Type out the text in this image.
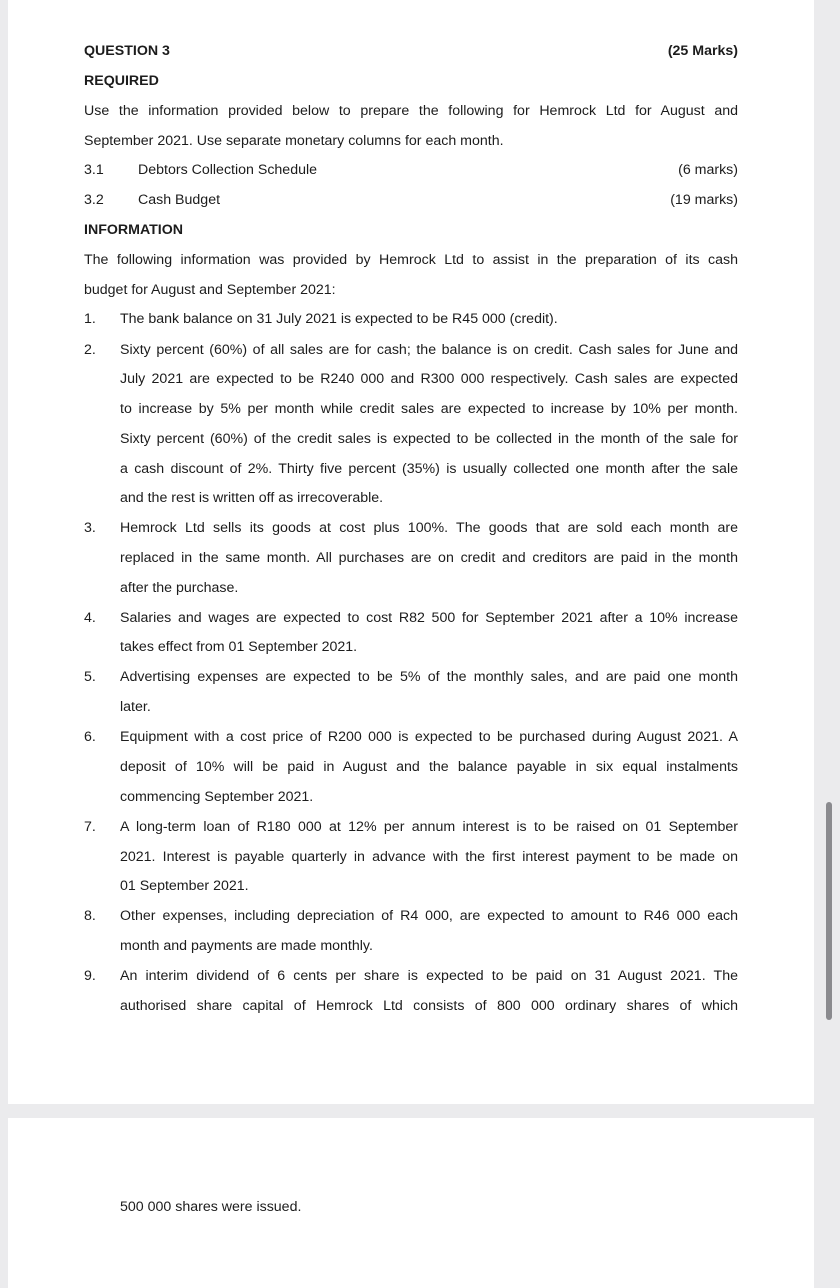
QUESTION 3	(25 Marks)
REQUIRED
Use the information provided below to prepare the following for Hemrock Ltd for August and
September 2021. Use separate monetary columns for each month.
3.1 Debtors Collection Schedule	(6 marks)
3.2 Cash Budget	(19 marks)
INFORMATION
The following information was provided by Hemrock Ltd to assist in the preparation of its cash
budget for August and September 2021:
1. The bank balance on 31 July 2021 is expected to be R45 000 (credit).
2. Sixty percent (60%) of all sales are for cash; the balance is on credit. Cash sales for June and
July 2021 are expected to be R240 000 and R300 000 respectively. Cash sales are expected
to increase by 5% per month while credit sales are expected to increase by 10% per month.
Sixty percent (60%) of the credit sales is expected to be collected in the month of the sale for
a cash discount of 2%. Thirty five percent (35%) is usually collected one month after the sale
and the rest is written off as irrecoverable.
3. Hemrock Ltd sells its goods at cost plus 100%. The goods that are sold each month are
replaced in the same month. All purchases are on credit and creditors are paid in the month
after the purchase.
4. Salaries and wages are expected to cost R82 500 for September 2021 after a 10% increase
takes effect from 01 September 2021.
5. Advertising expenses are expected to be 5% of the monthly sales, and are paid one month
later.
6. Equipment with a cost price of R200 000 is expected to be purchased during August 2021. A
deposit of 10% will be paid in August and the balance payable in six equal instalments
commencing September 2021.
7. A long-term loan of R180 000 at 12% per annum interest is to be raised on 01 September
2021. Interest is payable quarterly in advance with the first interest payment to be made on
01 September 2021.
8. Other expenses, including depreciation of R4 000, are expected to amount to R46 000 each
month and payments are made monthly.
9. An interim dividend of 6 cents per share is expected to be paid on 31 August 2021. The
authorised share capital of Hemrock Ltd consists of 800 000 ordinary shares of which
500 000 shares were issued.
